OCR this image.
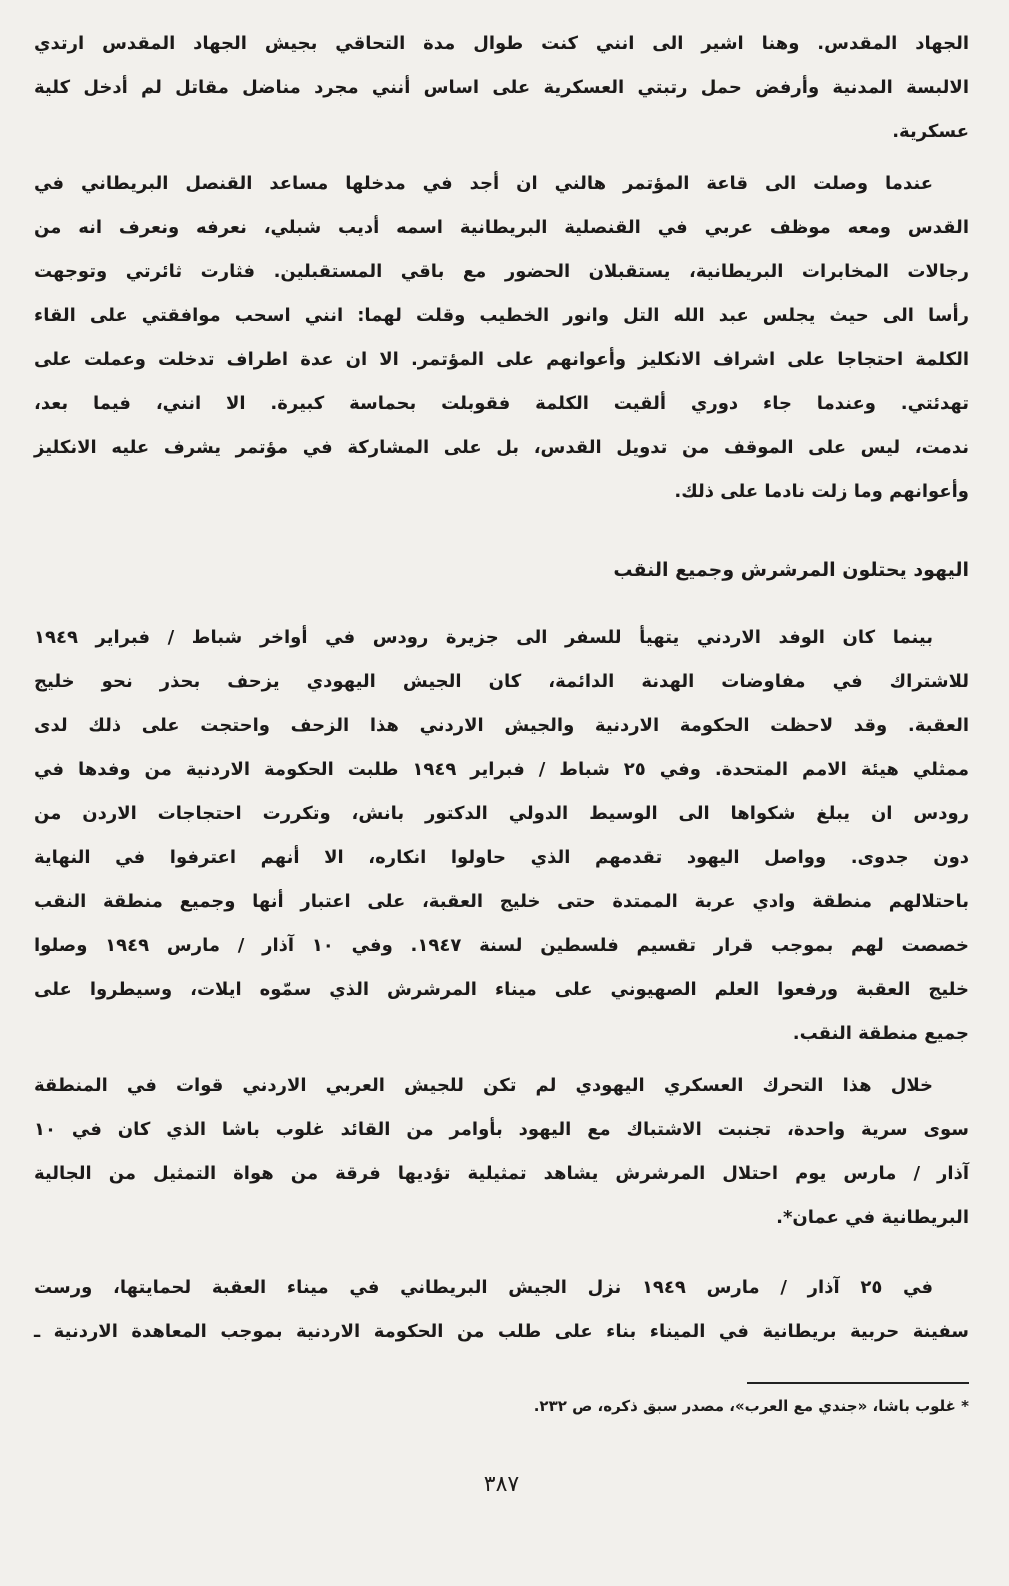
الجهاد المقدس. وهنا اشير الى انني كنت طوال مدة التحاقي بجيش الجهاد المقدس ارتدي
الالبسة المدنية وأرفض حمل رتبتي العسكرية على اساس أنني مجرد مناضل مقاتل لم أدخل كلية
عسكرية.
عندما وصلت الى قاعة المؤتمر هالني ان أجد في مدخلها مساعد القنصل البريطاني في
القدس ومعه موظف عربي في القنصلية البريطانية اسمه أديب شبلي، نعرفه ونعرف انه من
رجالات المخابرات البريطانية، يستقبلان الحضور مع باقي المستقبلين. فثارت ثائرتي وتوجهت
رأسا الى حيث يجلس عبد الله التل وانور الخطيب وقلت لهما: انني اسحب موافقتي على القاء
الكلمة احتجاجا على اشراف الانكليز وأعوانهم على المؤتمر. الا ان عدة اطراف تدخلت وعملت على
تهدئتي. وعندما جاء دوري ألقيت الكلمة فقوبلت بحماسة كبيرة. الا انني، فيما بعد،
ندمت، ليس على الموقف من تدويل القدس، بل على المشاركة في مؤتمر يشرف عليه الانكليز
وأعوانهم وما زلت نادما على ذلك.
اليهود يحتلون المرشرش وجميع النقب
بينما كان الوفد الاردني يتهيأ للسفر الى جزيرة رودس في أواخر شباط / فبراير ١٩٤٩
للاشتراك في مفاوضات الهدنة الدائمة، كان الجيش اليهودي يزحف بحذر نحو خليج
العقبة. وقد لاحظت الحكومة الاردنية والجيش الاردني هذا الزحف واحتجت على ذلك لدى
ممثلي هيئة الامم المتحدة. وفي ٢٥ شباط / فبراير ١٩٤٩ طلبت الحكومة الاردنية من وفدها في
رودس ان يبلغ شكواها الى الوسيط الدولي الدكتور بانش، وتكررت احتجاجات الاردن من
دون جدوى. وواصل اليهود تقدمهم الذي حاولوا انكاره، الا أنهم اعترفوا في النهاية
باحتلالهم منطقة وادي عربة الممتدة حتى خليج العقبة، على اعتبار أنها وجميع منطقة النقب
خصصت لهم بموجب قرار تقسيم فلسطين لسنة ١٩٤٧. وفي ١٠ آذار / مارس ١٩٤٩ وصلوا
خليج العقبة ورفعوا العلم الصهيوني على ميناء المرشرش الذي سمّوه ايلات، وسيطروا على
جميع منطقة النقب.
خلال هذا التحرك العسكري اليهودي لم تكن للجيش العربي الاردني قوات في المنطقة
سوى سرية واحدة، تجنبت الاشتباك مع اليهود بأوامر من القائد غلوب باشا الذي كان في ١٠
آذار / مارس يوم احتلال المرشرش يشاهد تمثيلية تؤديها فرقة من هواة التمثيل من الجالية
البريطانية في عمان*.
في ٢٥ آذار / مارس ١٩٤٩ نزل الجيش البريطاني في ميناء العقبة لحمايتها، ورست
سفينة حربية بريطانية في الميناء بناء على طلب من الحكومة الاردنية بموجب المعاهدة الاردنية ـ
* غلوب باشا، «جندي مع العرب»، مصدر سبق ذكره، ص ٢٣٢.
٣٨٧
